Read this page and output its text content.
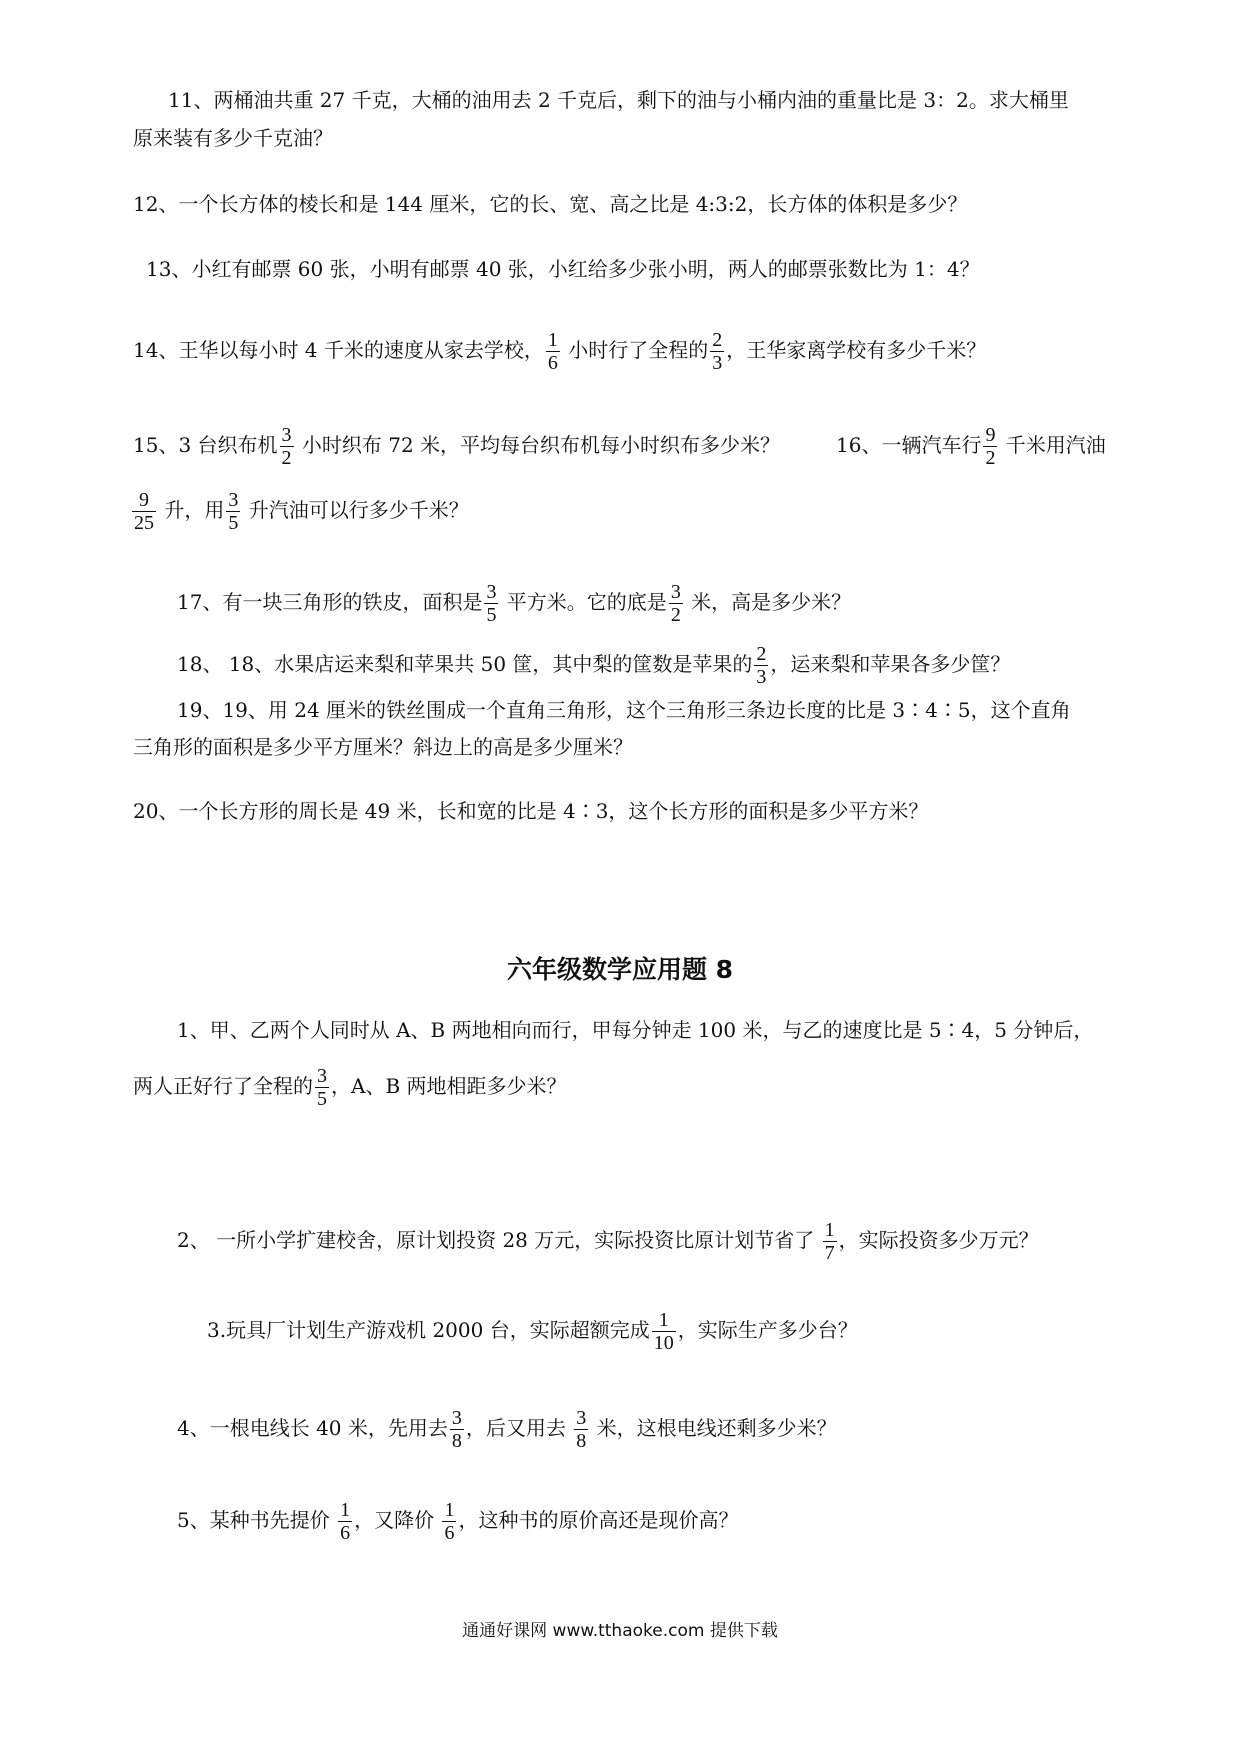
11、两桶油共重 27 千克，大桶的油用去 2 千克后，剩下的油与小桶内油的重量比是 3：2。求大桶里
原来装有多少千克油？
12、一个长方体的棱长和是 144 厘米，它的长、宽、高之比是 4:3:2，长方体的体积是多少？
13、小红有邮票 60 张，小明有邮票 40 张，小红给多少张小明，两人的邮票张数比为 1：4？
14、王华以每小时 4 千米的速度从家去学校， $\frac{1}{6}$ 小时行了全程的 $\frac{2}{3}$ ，王华家离学校有多少千米？
15、3 台织布机 $\frac{3}{2}$ 小时织布 72 米，平均每台织布机每小时织布多少米？	16、一辆汽车行 $\frac{9}{2}$ 千米用汽油
$\frac{9}{25}$ 升，用 $\frac{3}{5}$ 升汽油可以行多少千米？
17、有一块三角形的铁皮，面积是 $\frac{3}{5}$ 平方米。它的底是 $\frac{3}{2}$ 米，高是多少米？
18、 18、水果店运来梨和苹果共 50 筐，其中梨的筐数是苹果的 $\frac{2}{3}$ ，运来梨和苹果各多少筐？
19、19、用 24 厘米的铁丝围成一个直角三角形，这个三角形三条边长度的比是 3∶4∶5，这个直角
三角形的面积是多少平方厘米？斜边上的高是多少厘米？
20、一个长方形的周长是 49 米，长和宽的比是 4∶3，这个长方形的面积是多少平方米？
六年级数学应用题 8
1、甲、乙两个人同时从 A、B 两地相向而行，甲每分钟走 100 米，与乙的速度比是 5∶4，5 分钟后，
两人正好行了全程的 $\frac{3}{5}$ ，A、B 两地相距多少米？
2、 一所小学扩建校舍，原计划投资 28 万元，实际投资比原计划节省了 $\frac{1}{7}$ ，实际投资多少万元？
3.玩具厂计划生产游戏机 2000 台，实际超额完成 $\frac{1}{10}$ ，实际生产多少台？
4、一根电线长 40 米，先用去 $\frac{3}{8}$ ，后又用去 $\frac{3}{8}$ 米，这根电线还剩多少米？
5、某种书先提价 $\frac{1}{6}$ ，又降价 $\frac{1}{6}$ ，这种书的原价高还是现价高？
通通好课网 www.tthaoke.com 提供下载
